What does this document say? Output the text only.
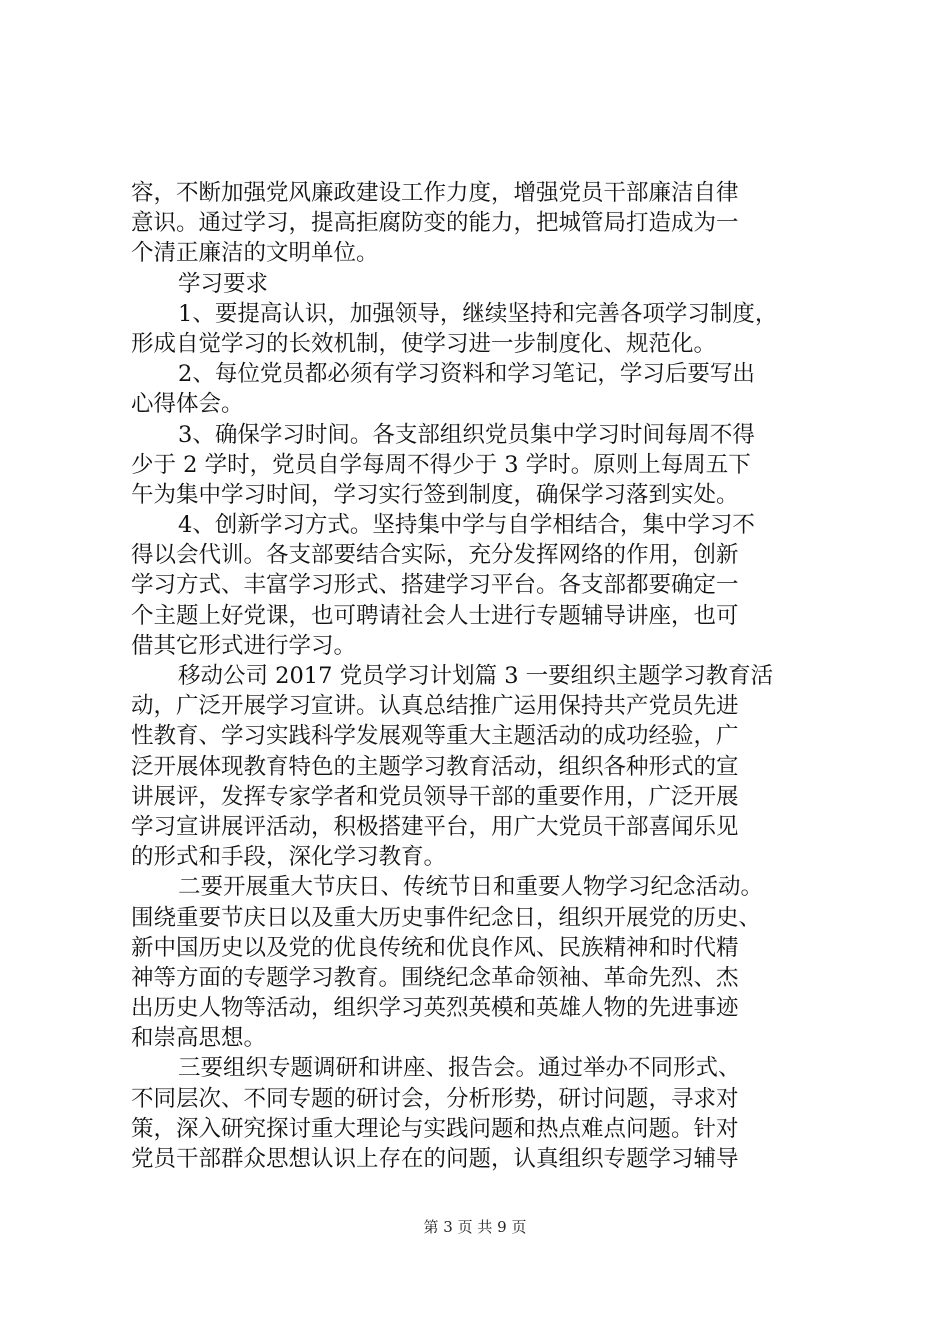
容，不断加强党风廉政建设工作力度，增强党员干部廉洁自律
意识。通过学习，提高拒腐防变的能力，把城管局打造成为一
个清正廉洁的文明单位。
学习要求
1、要提高认识，加强领导，继续坚持和完善各项学习制度，
形成自觉学习的长效机制，使学习进一步制度化、规范化。
2、每位党员都必须有学习资料和学习笔记，学习后要写出
心得体会。
3、确保学习时间。各支部组织党员集中学习时间每周不得
少于 2 学时，党员自学每周不得少于 3 学时。原则上每周五下
午为集中学习时间，学习实行签到制度，确保学习落到实处。
4、创新学习方式。坚持集中学与自学相结合，集中学习不
得以会代训。各支部要结合实际，充分发挥网络的作用，创新
学习方式、丰富学习形式、搭建学习平台。各支部都要确定一
个主题上好党课，也可聘请社会人士进行专题辅导讲座，也可
借其它形式进行学习。
移动公司 2017 党员学习计划篇 3 一要组织主题学习教育活
动，广泛开展学习宣讲。认真总结推广运用保持共产党员先进
性教育、学习实践科学发展观等重大主题活动的成功经验，广
泛开展体现教育特色的主题学习教育活动，组织各种形式的宣
讲展评，发挥专家学者和党员领导干部的重要作用，广泛开展
学习宣讲展评活动，积极搭建平台，用广大党员干部喜闻乐见
的形式和手段，深化学习教育。
二要开展重大节庆日、传统节日和重要人物学习纪念活动。
围绕重要节庆日以及重大历史事件纪念日，组织开展党的历史、
新中国历史以及党的优良传统和优良作风、民族精神和时代精
神等方面的专题学习教育。围绕纪念革命领袖、革命先烈、杰
出历史人物等活动，组织学习英烈英模和英雄人物的先进事迹
和崇高思想。
三要组织专题调研和讲座、报告会。通过举办不同形式、
不同层次、不同专题的研讨会，分析形势，研讨问题，寻求对
策，深入研究探讨重大理论与实践问题和热点难点问题。针对
党员干部群众思想认识上存在的问题，认真组织专题学习辅导
第 3 页 共 9 页
